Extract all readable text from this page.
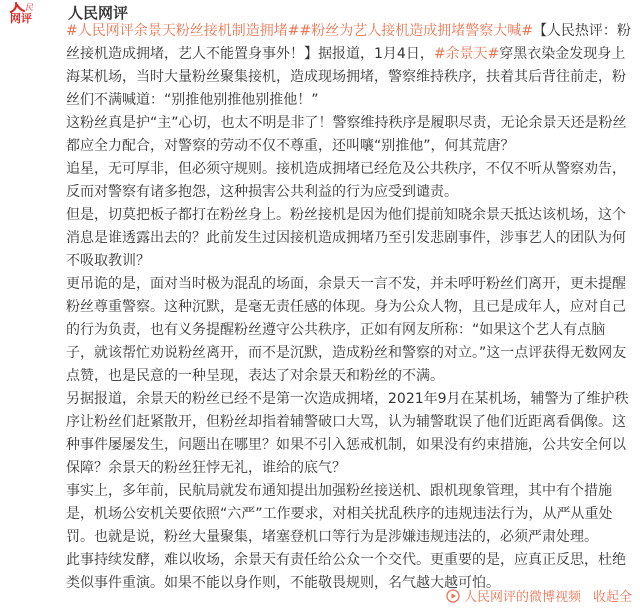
民
网评 人民网评

#人民网评余景天粉丝接机制造拥堵##粉丝为艺人接机造成拥堵警察大喊#【人民热评：粉丝接机造成拥堵，艺人不能置身事外！】据报道，1月4日，#余景天#穿黑衣染金发现身上海某机场，当时大量粉丝聚集接机，造成现场拥堵，警察维持秩序，扶着其后背往前走，粉丝们不满喊道：“别推他别推他别推他！”

这粉丝真是护“主”心切，也太不明是非了！警察维持秩序是履职尽责，无论余景天还是粉丝都应全力配合，对警察的劳动不仅不尊重，还叫嚷“别推他”，何其荒唐？

追星，无可厚非，但必须守规则。接机造成拥堵已经危及公共秩序，不仅不听从警察劝告，反而对警察有诸多抱怨，这种损害公共利益的行为应受到谴责。

但是，切莫把板子都打在粉丝身上。粉丝接机是因为他们提前知晓余景天抵达该机场，这个消息是谁透露出去的？此前发生过因接机造成拥堵乃至引发悲剧事件，涉事艺人的团队为何不吸取教训？

更吊诡的是，面对当时极为混乱的场面，余景天一言不发，并未呼吁粉丝们离开，更未提醒粉丝尊重警察。这种沉默，是毫无责任感的体现。身为公众人物，且已是成年人，应对自己的行为负责，也有义务提醒粉丝遵守公共秩序，正如有网友所称：“如果这个艺人有点脑子，就该帮忙劝说粉丝离开，而不是沉默，造成粉丝和警察的对立。”这一点评获得无数网友点赞，也是民意的一种呈现，表达了对余景天和粉丝的不满。

另据报道，余景天的粉丝已经不是第一次造成拥堵，2021年9月在某机场，辅警为了维护秩序让粉丝们赶紧散开，但粉丝却指着辅警破口大骂，认为辅警耽误了他们近距离看偶像。这种事件屡屡发生，问题出在哪里？如果不引入惩戒机制，如果没有约束措施，公共安全何以保障？余景天的粉丝狂悖无礼，谁给的底气？

事实上，多年前，民航局就发布通知提出加强粉丝接送机、跟机现象管理，其中有个措施是，机场公安机关要依照“六严”工作要求，对相关扰乱秩序的违规违法行为，从严从重处罚。也就是说，粉丝大量聚集，堵塞登机口等行为是涉嫌违规违法的，必须严肃处理。

此事持续发酵，难以收场，余景天有责任给公众一个交代。更重要的是，应真正反思，杜绝类似事件重演。如果不能以身作则，不能敬畏规则，名气越大越可怕。

人民网评的微博视频 收起全
